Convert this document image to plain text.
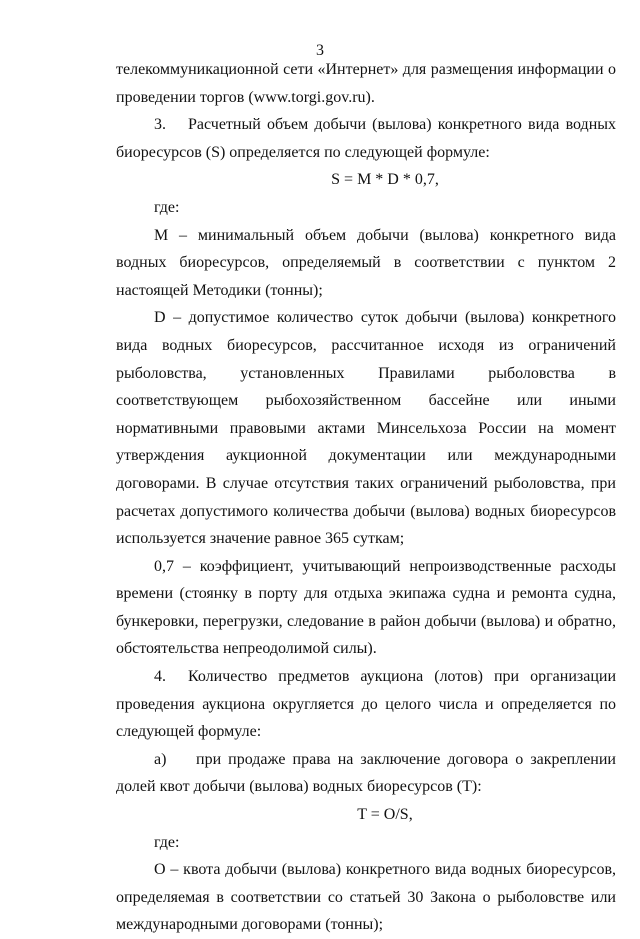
3

телекоммуникационной сети «Интернет» для размещения информации о проведении торгов (www.torgi.gov.ru).

3. Расчетный объем добычи (вылова) конкретного вида водных биоресурсов (S) определяется по следующей формуле:

S = M * D * 0,7,

где:

M – минимальный объем добычи (вылова) конкретного вида водных биоресурсов, определяемый в соответствии с пунктом 2 настоящей Методики (тонны);

D – допустимое количество суток добычи (вылова) конкретного вида водных биоресурсов, рассчитанное исходя из ограничений рыболовства, установленных Правилами рыболовства в соответствующем рыбохозяйственном бассейне или иными нормативными правовыми актами Минсельхоза России на момент утверждения аукционной документации или международными договорами. В случае отсутствия таких ограничений рыболовства, при расчетах допустимого количества добычи (вылова) водных биоресурсов используется значение равное 365 суткам;

0,7 – коэффициент, учитывающий непроизводственные расходы времени (стоянку в порту для отдыха экипажа судна и ремонта судна, бункеровки, перегрузки, следование в район добычи (вылова) и обратно, обстоятельства непреодолимой силы).

4. Количество предметов аукциона (лотов) при организации проведения аукциона округляется до целого числа и определяется по следующей формуле:

а) при продаже права на заключение договора о закреплении долей квот добычи (вылова) водных биоресурсов (T):

T = O/S,

где:

О – квота добычи (вылова) конкретного вида водных биоресурсов, определяемая в соответствии со статьей 30 Закона о рыболовстве или международными договорами (тонны);
